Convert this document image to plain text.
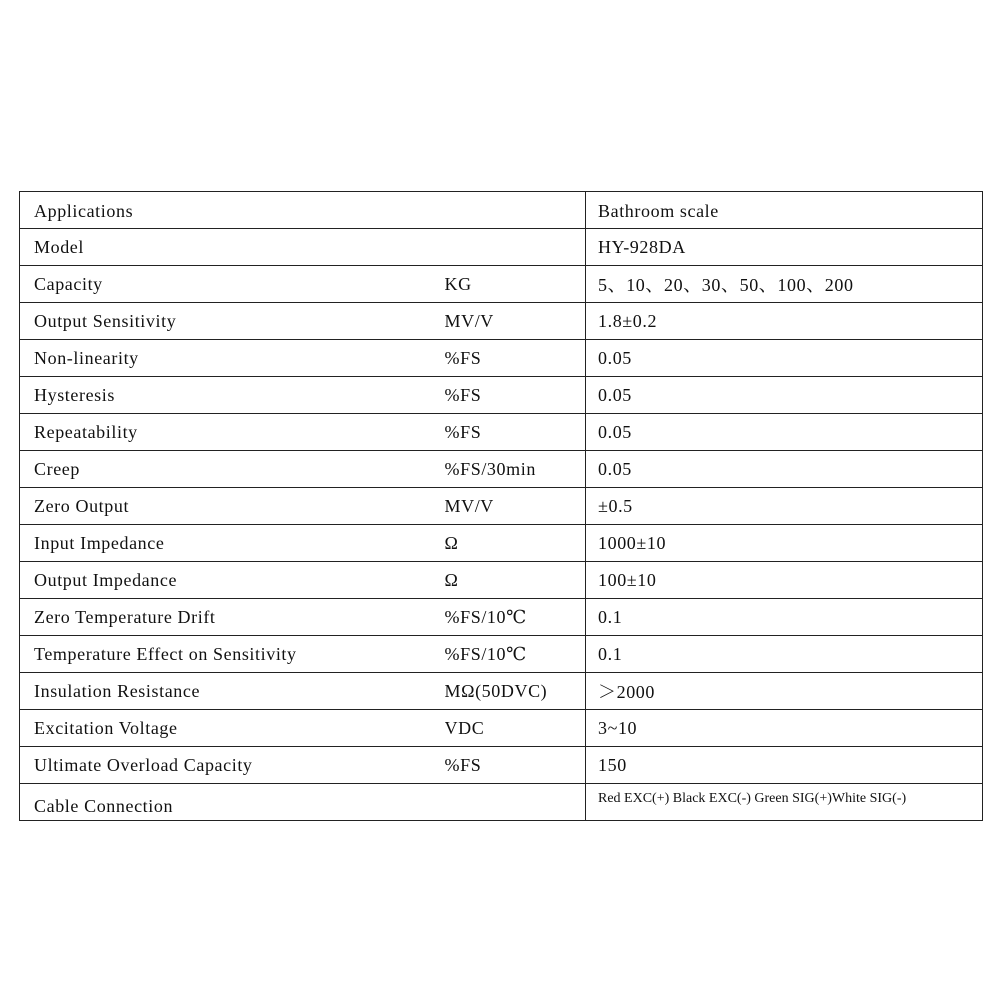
Applications		Bathroom scale
Model		HY-928DA
Capacity	KG	5、10、20、30、50、100、200
Output Sensitivity	MV/V	1.8±0.2
Non-linearity	%FS	0.05
Hysteresis	%FS	0.05
Repeatability	%FS	0.05
Creep	%FS/30min	0.05
Zero Output	MV/V	±0.5
Input Impedance	Ω	1000±10
Output Impedance	Ω	100±10
Zero Temperature Drift	%FS/10℃	0.1
Temperature Effect on Sensitivity	%FS/10℃	0.1
Insulation Resistance	MΩ(50DVC)	＞2000
Excitation Voltage	VDC	3~10
Ultimate Overload Capacity	%FS	150
Cable Connection		Red EXC(+) Black EXC(-) Green SIG(+)White SIG(-)
